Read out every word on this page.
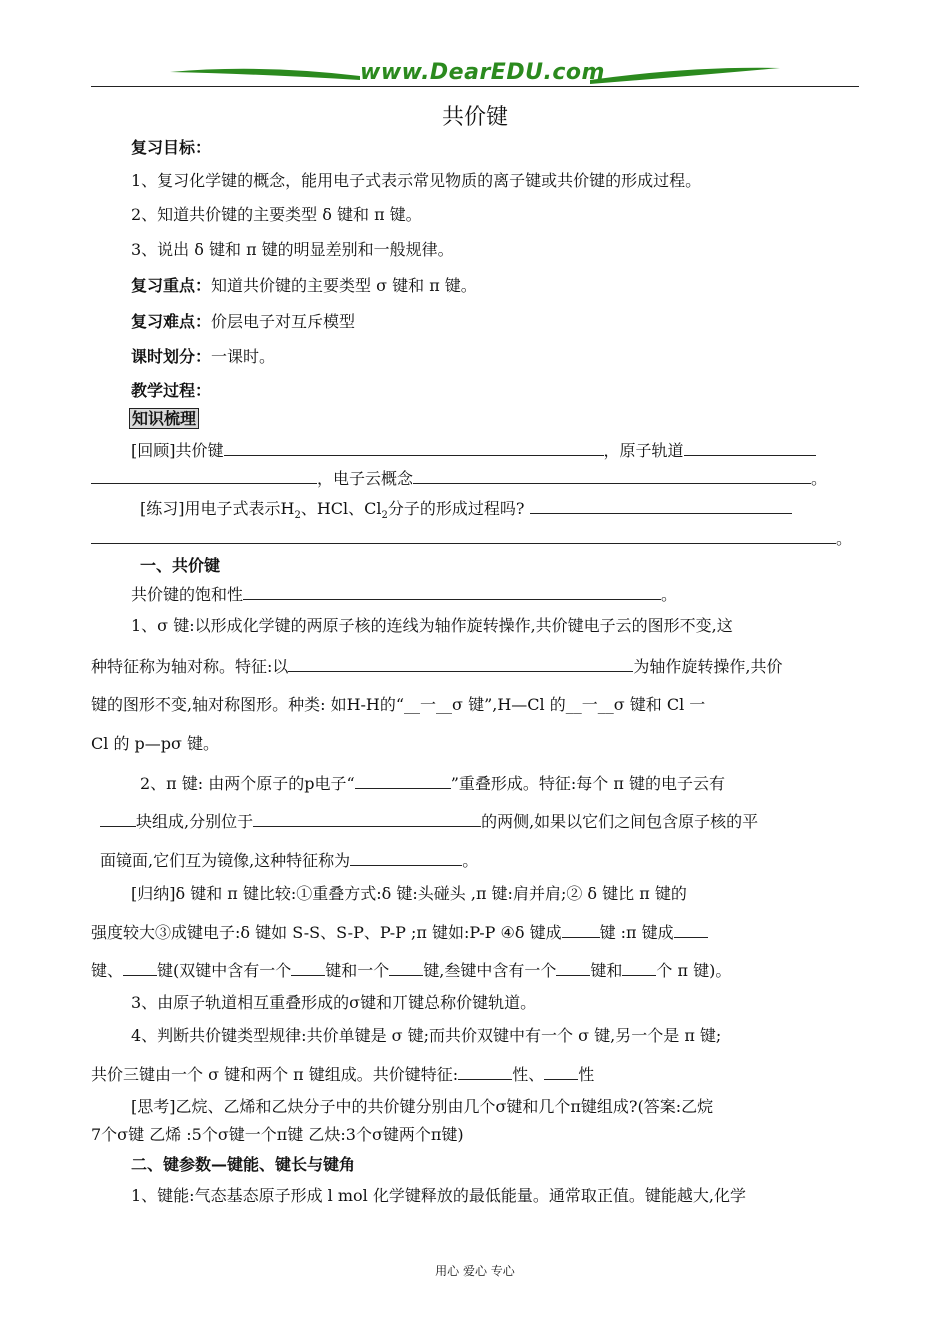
www.DearEDU.com
共价键
复习目标：
1、复习化学键的概念，能用电子式表示常见物质的离子键或共价键的形成过程。
2、知道共价键的主要类型 δ 键和 π 键。
3、说出 δ 键和 π 键的明显差别和一般规律。
复习重点：知道共价键的主要类型 σ 键和 π 键。
复习难点：价层电子对互斥模型
课时划分：一课时。
教学过程：
知识梳理
[回顾]共价键	，原子轨道
，电子云概念	。
[练习]用电子式表示$H_2$、HCl、$Cl_2$分子的形成过程吗?
。
一、共价键
共价键的饱和性	。
1、σ 键:以形成化学键的两原子核的连线为轴作旋转操作,共价键电子云的图形不变,这
种特征称为轴对称。特征:以	为轴作旋转操作,共价
键的图形不变,轴对称图形。种类: 如H-H的“__一__σ 键”,H—Cl 的__一__σ 键和 Cl 一
Cl 的 p—pσ 键。
2、π 键: 由两个原子的p电子“	”重叠形成。特征:每个 π 键的电子云有
块组成,分别位于	的两侧,如果以它们之间包含原子核的平
面镜面,它们互为镜像,这种特征称为	。
[归纳]δ 键和 π 键比较:①重叠方式:δ 键:头碰头 ,π 键:肩并肩;② δ 键比 π 键的
强度较大③成键电子:δ 键如 S-S、S-P、P-P ;π 键如:P-P ④δ 键成 键 :π 键成
键、 键(双键中含有一个 键和一个 键,叁键中含有一个 键和 个 π 键)。
3、由原子轨道相互重叠形成的σ键和丌键总称价键轨道。
4、判断共价键类型规律:共价单键是 σ 键;而共价双键中有一个 σ 键,另一个是 π 键;
共价三键由一个 σ 键和两个 π 键组成。共价键特征:	性、 性
[思考]乙烷、乙烯和乙炔分子中的共价键分别由几个σ键和几个π键组成?(答案:乙烷
7个σ键 乙烯 :5个σ键一个π键 乙炔:3个σ键两个π键)
二、键参数—键能、键长与键角
1、键能:气态基态原子形成 l mol 化学键释放的最低能量。通常取正值。键能越大,化学
用心 爱心 专心
